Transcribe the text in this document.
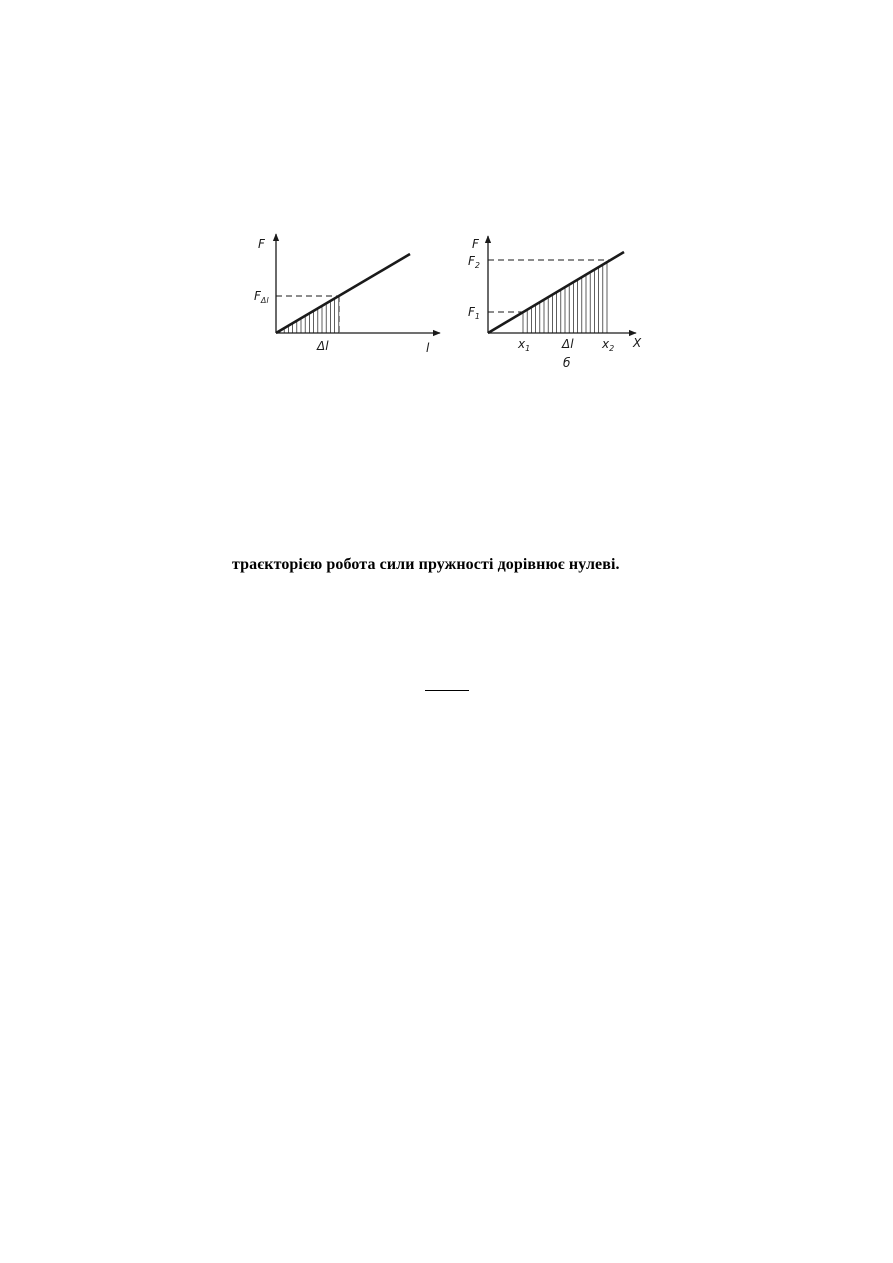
F
l
$F_{\Delta l}$
Δl
F
X
$F_2$
$F_1$
$x_1$	Δl $x_2$
б
траєкторією робота сили пружності дорівнює нулеві.
